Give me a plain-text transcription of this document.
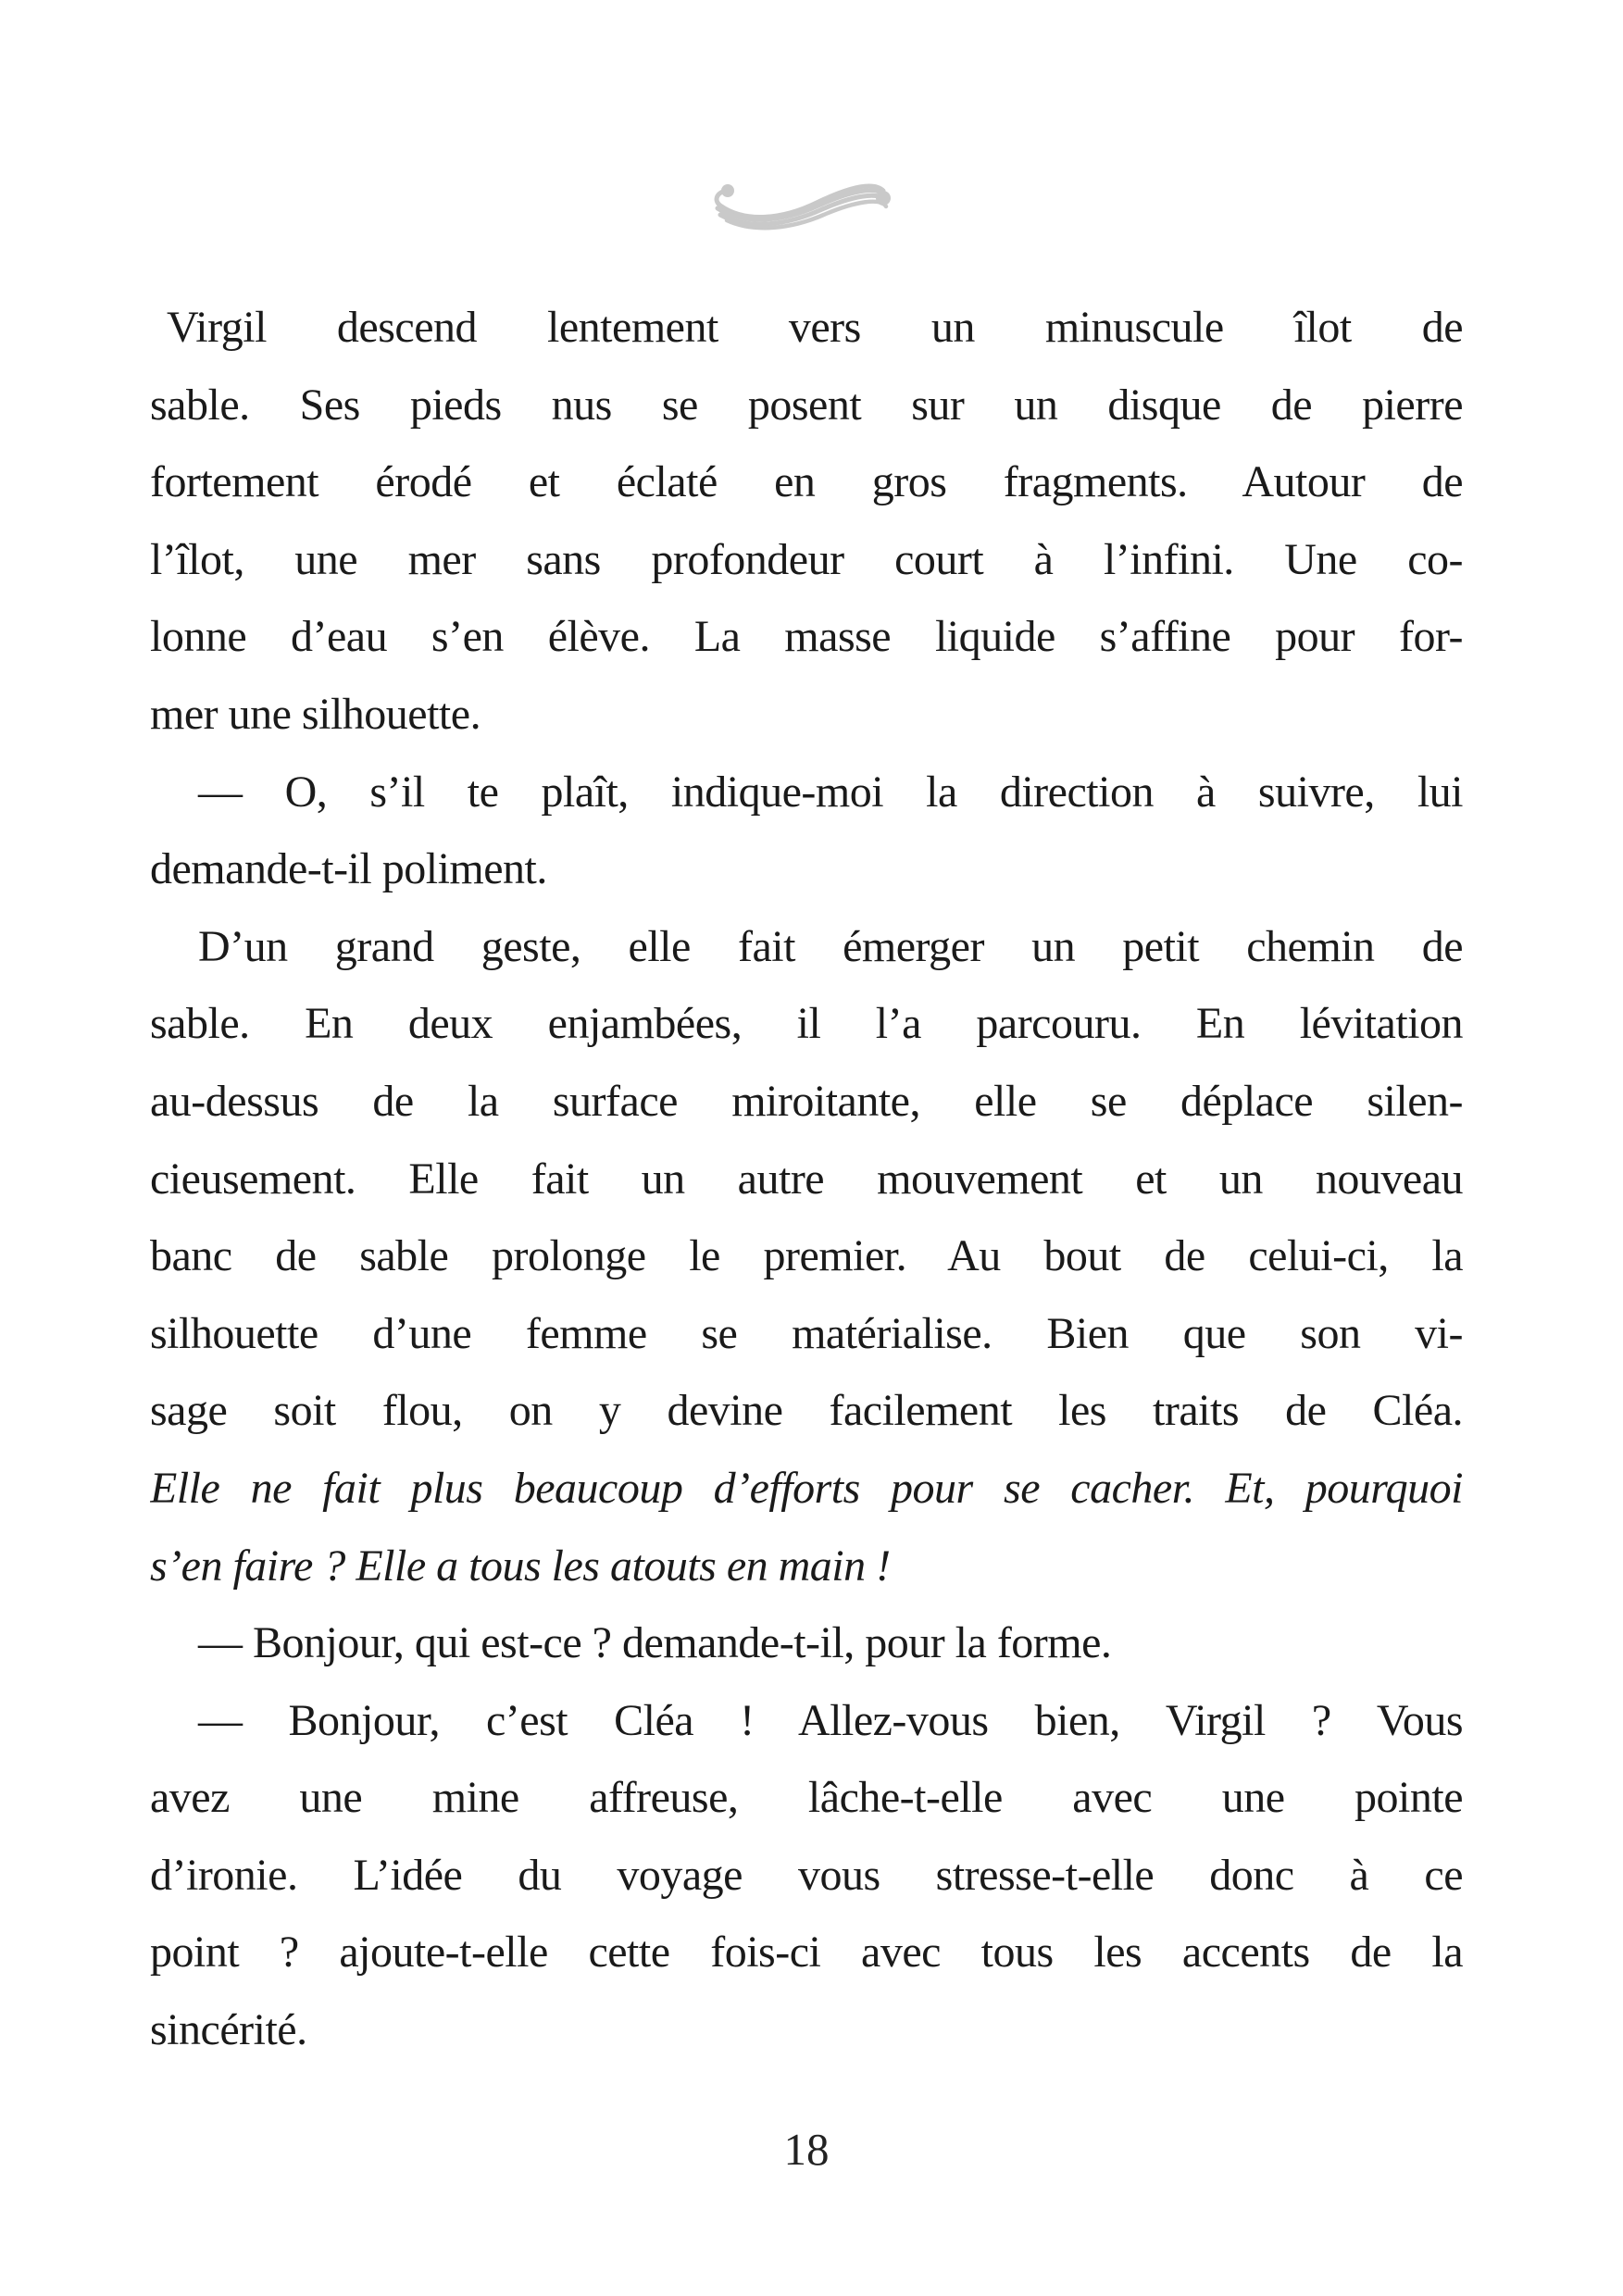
Virgil descend lentement vers un minuscule îlot de
sable. Ses pieds nus se posent sur un disque de pierre
fortement érodé et éclaté en gros fragments. Autour de
l’îlot, une mer sans profondeur court à l’infini. Une co-
lonne d’eau s’en élève. La masse liquide s’affine pour for-
mer une silhouette.
— O, s’il te plaît, indique-moi la direction à suivre, lui
demande-t-il poliment.
D’un grand geste, elle fait émerger un petit chemin de
sable. En deux enjambées, il l’a parcouru. En lévitation
au-dessus de la surface miroitante, elle se déplace silen-
cieusement. Elle fait un autre mouvement et un nouveau
banc de sable prolonge le premier. Au bout de celui-ci, la
silhouette d’une femme se matérialise. Bien que son vi-
sage soit flou, on y devine facilement les traits de Cléa.
Elle ne fait plus beaucoup d’efforts pour se cacher. Et, pourquoi
s’en faire ? Elle a tous les atouts en main !
— Bonjour, qui est-ce ? demande-t-il, pour la forme.
— Bonjour, c’est Cléa ! Allez-vous bien, Virgil ? Vous
avez une mine affreuse, lâche-t-elle avec une pointe
d’ironie. L’idée du voyage vous stresse-t-elle donc à ce
point ? ajoute-t-elle cette fois-ci avec tous les accents de la
sincérité.
18
